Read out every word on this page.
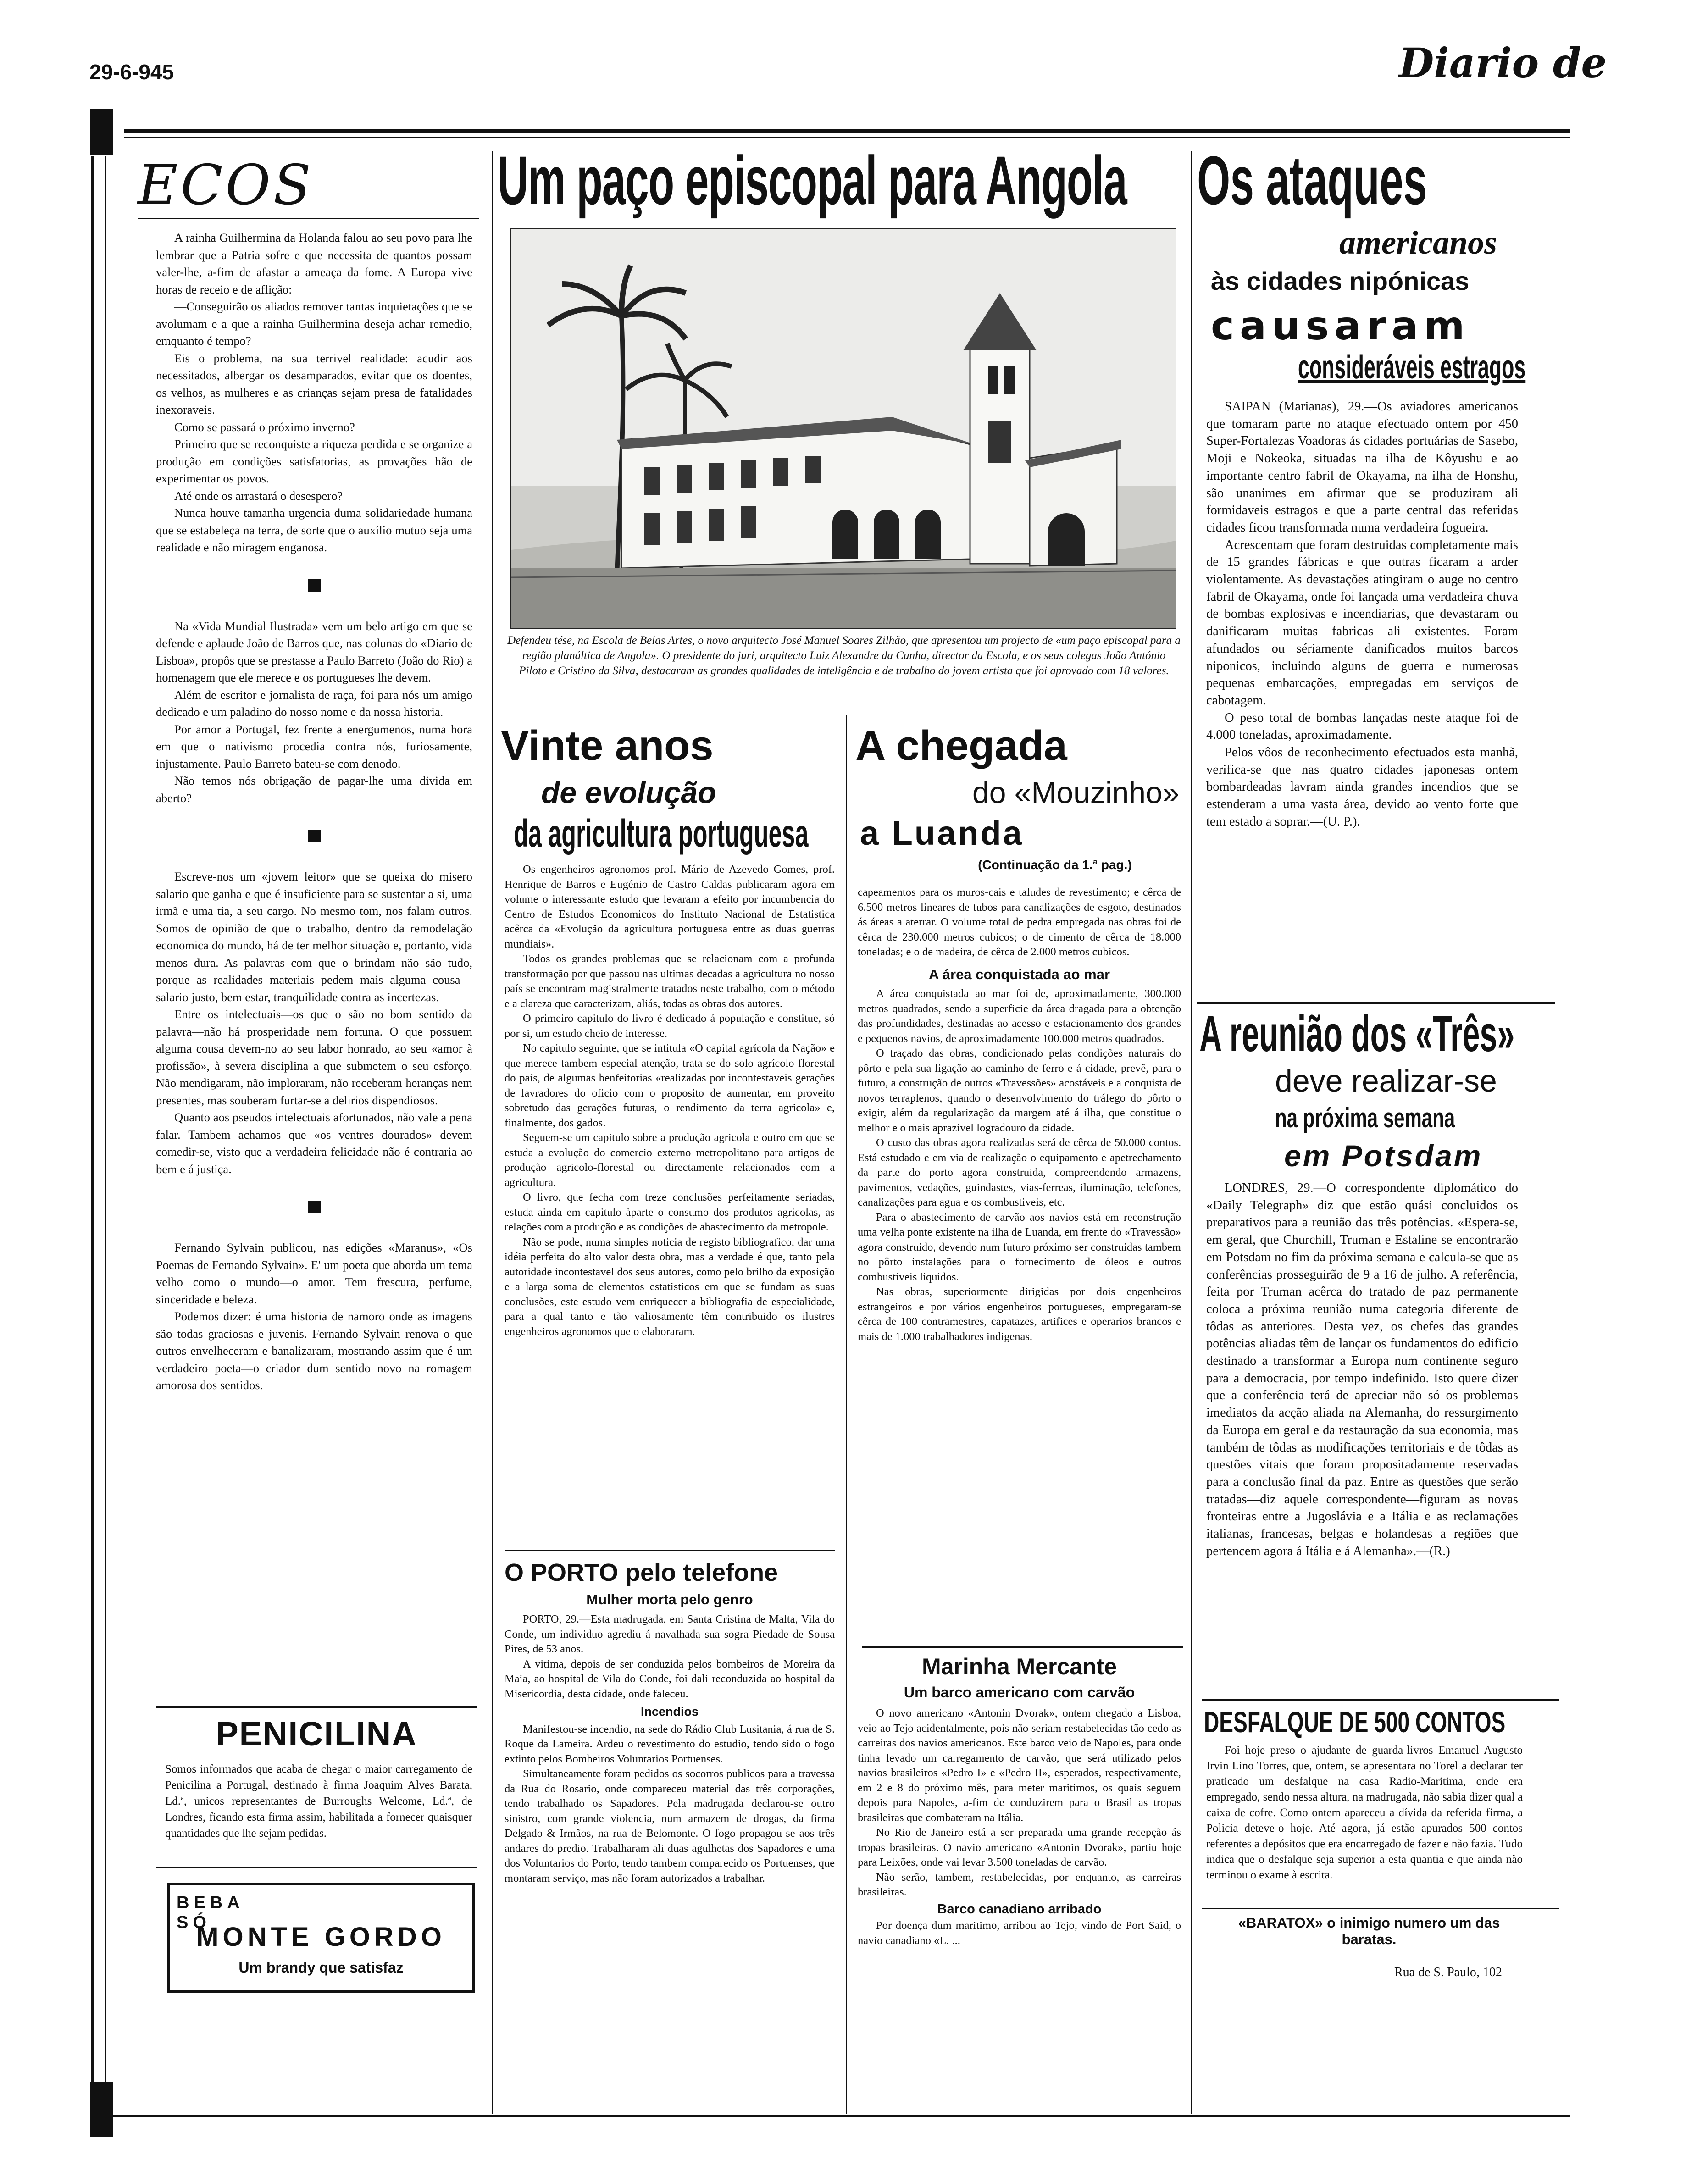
29-6-945	Diario de
ECOS

A rainha Guilhermina da Holanda falou ao seu povo para lhe lembrar que a Patria sofre e que necessita de quantos possam valer-lhe, a-fim de afastar a ameaça da fome. A Europa vive horas de receio e de aflição:

—Conseguirão os aliados remover tantas inquietações que se avolumam e a que a rainha Guilhermina deseja achar remedio, emquanto é tempo?

Eis o problema, na sua terrivel realidade: acudir aos necessitados, albergar os desamparados, evitar que os doentes, os velhos, as mulheres e as crianças sejam presa de fatalidades inexoraveis.

Como se passará o próximo inverno?

Primeiro que se reconquiste a riqueza perdida e se organize a produção em condições satisfatorias, as provações hão de experimentar os povos.

Até onde os arrastará o desespero?

Nunca houve tamanha urgencia duma solidariedade humana que se estabeleça na terra, de sorte que o auxílio mutuo seja uma realidade e não miragem enganosa.

Na «Vida Mundial Ilustrada» vem um belo artigo em que se defende e aplaude João de Barros que, nas colunas do «Diario de Lisboa», propôs que se prestasse a Paulo Barreto (João do Rio) a homenagem que ele merece e os portugueses lhe devem.

Além de escritor e jornalista de raça, foi para nós um amigo dedicado e um paladino do nosso nome e da nossa historia.

Por amor a Portugal, fez frente a energumenos, numa hora em que o nativismo procedia contra nós, furiosamente, injustamente. Paulo Barreto bateu-se com denodo.

Não temos nós obrigação de pagar-lhe uma divida em aberto?

Escreve-nos um «jovem leitor» que se queixa do misero salario que ganha e que é insuficiente para se sustentar a si, uma irmã e uma tia, a seu cargo. No mesmo tom, nos falam outros. Somos de opinião de que o trabalho, dentro da remodelação economica do mundo, há de ter melhor situação e, portanto, vida menos dura. As palavras com que o brindam não são tudo, porque as realidades materiais pedem mais alguma cousa—salario justo, bem estar, tranquilidade contra as incertezas.

Entre os intelectuais—os que o são no bom sentido da palavra—não há prosperidade nem fortuna. O que possuem alguma cousa devem-no ao seu labor honrado, ao seu «amor à profissão», à severa disciplina a que submetem o seu esforço. Não mendigaram, não imploraram, não receberam heranças nem presentes, mas souberam furtar-se a delirios dispendiosos.

Quanto aos pseudos intelectuais afortunados, não vale a pena falar. Tambem achamos que «os ventres dourados» devem comedir-se, visto que a verdadeira felicidade não é contraria ao bem e á justiça.

Fernando Sylvain publicou, nas edições «Maranus», «Os Poemas de Fernando Sylvain». E' um poeta que aborda um tema velho como o mundo—o amor. Tem frescura, perfume, sinceridade e beleza.

Podemos dizer: é uma historia de namoro onde as imagens são todas graciosas e juvenis. Fernando Sylvain renova o que outros envelheceram e banalizaram, mostrando assim que é um verdadeiro poeta—o criador dum sentido novo na romagem amorosa dos sentidos.

PENICILINA
Somos informados que acaba de chegar o maior carregamento de Penicilina a Portugal, destinado à firma Joaquim Alves Barata, Ld.ª, unicos representantes de Burroughs Welcome, Ld.ª, de Londres, ficando esta firma assim, habilitada a fornecer quaisquer quantidades que lhe sejam pedidas.
BEBA SÓ
MONTE GORDO
Um brandy que satisfaz
Um paço episcopal para Angola
Defendeu tése, na Escola de Belas Artes, o novo arquitecto José Manuel Soares Zilhão, que apresentou um projecto de «um paço episcopal para a região planáltica de Angola». O presidente do juri, arquitecto Luiz Alexandre da Cunha, director da Escola, e os seus colegas João António Piloto e Cristino da Silva, destacaram as grandes qualidades de inteligência e de trabalho do jovem artista que foi aprovado com 18 valores.
Vinte anos
de evolução
da agricultura portuguesa

Os engenheiros agronomos prof. Mário de Azevedo Gomes, prof. Henrique de Barros e Eugénio de Castro Caldas publicaram agora em volume o interessante estudo que levaram a efeito por incumbencia do Centro de Estudos Economicos do Instituto Nacional de Estatistica acêrca da «Evolução da agricultura portuguesa entre as duas guerras mundiais».

Todos os grandes problemas que se relacionam com a profunda transformação por que passou nas ultimas decadas a agricultura no nosso país se encontram magistralmente tratados neste trabalho, com o método e a clareza que caracterizam, aliás, todas as obras dos autores.

O primeiro capitulo do livro é dedicado á população e constitue, só por si, um estudo cheio de interesse.

No capitulo seguinte, que se intitula «O capital agrícola da Nação» e que merece tambem especial atenção, trata-se do solo agrícolo-florestal do país, de algumas benfeitorias «realizadas por incontestaveis gerações de lavradores do oficio com o proposito de aumentar, em proveito sobretudo das gerações futuras, o rendimento da terra agricola» e, finalmente, dos gados.

Seguem-se um capitulo sobre a produção agricola e outro em que se estuda a evolução do comercio externo metropolitano para artigos de produção agricolo-florestal ou directamente relacionados com a agricultura.

O livro, que fecha com treze conclusões perfeitamente seriadas, estuda ainda em capitulo àparte o consumo dos produtos agricolas, as relações com a produção e as condições de abastecimento da metropole.

Não se pode, numa simples noticia de registo bibliografico, dar uma idéia perfeita do alto valor desta obra, mas a verdade é que, tanto pela autoridade incontestavel dos seus autores, como pelo brilho da exposição e a larga soma de elementos estatisticos em que se fundam as suas conclusões, este estudo vem enriquecer a bibliografia de especialidade, para a qual tanto e tão valiosamente têm contribuido os ilustres engenheiros agronomos que o elaboraram.

O PORTO pelo telefone
Mulher morta pelo genro

PORTO, 29.—Esta madrugada, em Santa Cristina de Malta, Vila do Conde, um individuo agrediu á navalhada sua sogra Piedade de Sousa Pires, de 53 anos.

A vitima, depois de ser conduzida pelos bombeiros de Moreira da Maia, ao hospital de Vila do Conde, foi dali reconduzida ao hospital da Misericordia, desta cidade, onde faleceu.

Incendios

Manifestou-se incendio, na sede do Rádio Club Lusitania, á rua de S. Roque da Lameira. Ardeu o revestimento do estudio, tendo sido o fogo extinto pelos Bombeiros Voluntarios Portuenses.

Simultaneamente foram pedidos os socorros publicos para a travessa da Rua do Rosario, onde compareceu material das três corporações, tendo trabalhado os Sapadores. Pela madrugada declarou-se outro sinistro, com grande violencia, num armazem de drogas, da firma Delgado & Irmãos, na rua de Belomonte. O fogo propagou-se aos três andares do predio. Trabalharam ali duas agulhetas dos Sapadores e uma dos Voluntarios do Porto, tendo tambem comparecido os Portuenses, que montaram serviço, mas não foram autorizados a trabalhar.

A chegada
do «Mouzinho»
a Luanda
(Continuação da 1.ª pag.)

capeamentos para os muros-cais e taludes de revestimento; e cêrca de 6.500 metros lineares de tubos para canalizações de esgoto, destinados ás áreas a aterrar. O volume total de pedra empregada nas obras foi de cêrca de 230.000 metros cubicos; o de cimento de cêrca de 18.000 toneladas; e o de madeira, de cêrca de 2.000 metros cubicos.

A área conquistada ao mar

A área conquistada ao mar foi de, aproximadamente, 300.000 metros quadrados, sendo a superficie da área dragada para a obtenção das profundidades, destinadas ao acesso e estacionamento dos grandes e pequenos navios, de aproximadamente 100.000 metros quadrados.

O traçado das obras, condicionado pelas condições naturais do pôrto e pela sua ligação ao caminho de ferro e á cidade, prevê, para o futuro, a construção de outros «Travessões» acostáveis e a conquista de novos terraplenos, quando o desenvolvimento do tráfego do pôrto o exigir, além da regularização da margem até á ilha, que constitue o melhor e o mais aprazivel logradouro da cidade.

O custo das obras agora realizadas será de cêrca de 50.000 contos. Está estudado e em via de realização o equipamento e apetrechamento da parte do porto agora construida, compreendendo armazens, pavimentos, vedações, guindastes, vias-ferreas, iluminação, telefones, canalizações para agua e os combustiveis, etc.

Para o abastecimento de carvão aos navios está em reconstrução uma velha ponte existente na ilha de Luanda, em frente do «Travessão» agora construido, devendo num futuro próximo ser construidas tambem no pôrto instalações para o fornecimento de óleos e outros combustiveis liquidos.

Nas obras, superiormente dirigidas por dois engenheiros estrangeiros e por vários engenheiros portugueses, empregaram-se cêrca de 100 contramestres, capatazes, artifices e operarios brancos e mais de 1.000 trabalhadores indigenas.

Marinha Mercante
Um barco americano com carvão

O novo americano «Antonin Dvorak», ontem chegado a Lisboa, veio ao Tejo acidentalmente, pois não seriam restabelecidas tão cedo as carreiras dos navios americanos. Este barco veio de Napoles, para onde tinha levado um carregamento de carvão, que será utilizado pelos navios brasileiros «Pedro I» e «Pedro II», esperados, respectivamente, em 2 e 8 do próximo mês, para meter maritimos, os quais seguem depois para Napoles, a-fim de conduzirem para o Brasil as tropas brasileiras que combateram na Itália.

No Rio de Janeiro está a ser preparada uma grande recepção ás tropas brasileiras. O navio americano «Antonin Dvorak», partiu hoje para Leixões, onde vai levar 3.500 toneladas de carvão.

Não serão, tambem, restabelecidas, por enquanto, as carreiras brasileiras.

Barco canadiano arribado

Por doença dum maritimo, arribou ao Tejo, vindo de Port Said, o navio canadiano «L. ...

Os ataques
americanos
às cidades nipónicas
causaram
consideráveis estragos

SAIPAN (Marianas), 29.—Os aviadores americanos que tomaram parte no ataque efectuado ontem por 450 Super-Fortalezas Voadoras ás cidades portuárias de Sasebo, Moji e Nokeoka, situadas na ilha de Kôyushu e ao importante centro fabril de Okayama, na ilha de Honshu, são unanimes em afirmar que se produziram ali formidaveis estragos e que a parte central das referidas cidades ficou transformada numa verdadeira fogueira.

Acrescentam que foram destruidas completamente mais de 15 grandes fábricas e que outras ficaram a arder violentamente. As devastações atingiram o auge no centro fabril de Okayama, onde foi lançada uma verdadeira chuva de bombas explosivas e incendiarias, que devastaram ou danificaram muitas fabricas ali existentes. Foram afundados ou sériamente danificados muitos barcos niponicos, incluindo alguns de guerra e numerosas pequenas embarcações, empregadas em serviços de cabotagem.

O peso total de bombas lançadas neste ataque foi de 4.000 toneladas, aproximadamente.

Pelos vôos de reconhecimento efectuados esta manhã, verifica-se que nas quatro cidades japonesas ontem bombardeadas lavram ainda grandes incendios que se estenderam a uma vasta área, devido ao vento forte que tem estado a soprar.—(U. P.).

A reunião dos «Três»
deve realizar-se
na próxima semana
em Potsdam

LONDRES, 29.—O correspondente diplomático do «Daily Telegraph» diz que estão quási concluidos os preparativos para a reunião das três potências. «Espera-se, em geral, que Churchill, Truman e Estaline se encontrarão em Potsdam no fim da próxima semana e calcula-se que as conferências prosseguirão de 9 a 16 de julho. A referência, feita por Truman acêrca do tratado de paz permanente coloca a próxima reunião numa categoria diferente de tôdas as anteriores. Desta vez, os chefes das grandes potências aliadas têm de lançar os fundamentos do edificio destinado a transformar a Europa num continente seguro para a democracia, por tempo indefinido. Isto quere dizer que a conferência terá de apreciar não só os problemas imediatos da acção aliada na Alemanha, do ressurgimento da Europa em geral e da restauração da sua economia, mas também de tôdas as modificações territoriais e de tôdas as questões vitais que foram propositadamente reservadas para a conclusão final da paz. Entre as questões que serão tratadas—diz aquele correspondente—figuram as novas fronteiras entre a Jugoslávia e a Itália e as reclamações italianas, francesas, belgas e holandesas a regiões que pertencem agora á Itália e á Alemanha».—(R.)

DESFALQUE DE 500 CONTOS
Foi hoje preso o ajudante de guarda-livros Emanuel Augusto Irvin Lino Torres, que, ontem, se apresentara no Torel a declarar ter praticado um desfalque na casa Radio-Maritima, onde era empregado, sendo nessa altura, na madrugada, não sabia dizer qual a caixa de cofre. Como ontem apareceu a dívida da referida firma, a Policia deteve-o hoje. Até agora, já estão apurados 500 contos referentes a depósitos que era encarregado de fazer e não fazia. Tudo indica que o desfalque seja superior a esta quantia e que ainda não terminou o exame à escrita.
«BARATOX» o inimigo numero um das baratas.
Rua de S. Paulo, 102
